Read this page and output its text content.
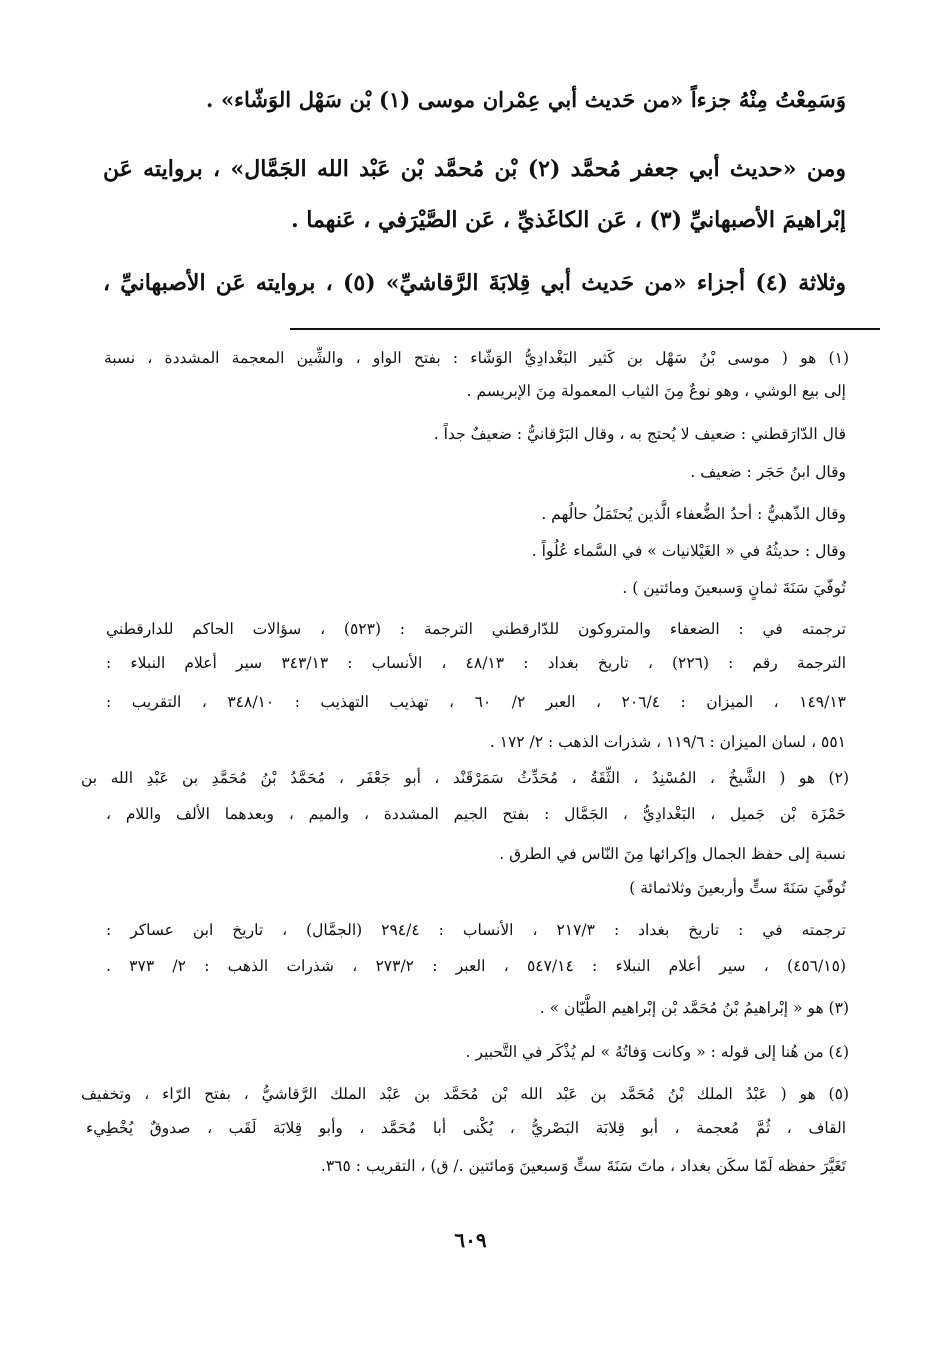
وَسَمِعْتُ مِنْهُ جزءاً «من حَديث أبي عِمْران موسى (١) بْن سَهْل الوَشّاء» .
ومن «حديث أبي جعفر مُحمَّد (٢) بْن مُحمَّد بْن عَبْد الله الجَمَّال» ، بروايته عَن
إبْراهيمَ الأصبهانيِّ (٣) ، عَن الكاغَذيِّ ، عَن الصَّيْرَفي ، عَنهما .
وثلاثة (٤) أجزاء «من حَديث أبي قِلابَةَ الرَّقاشيِّ» (٥) ، بروايته عَن الأصبهانيِّ ،
(١) هو ( موسى بْنُ سَهْل بن كَثير البَغْدادِيُّ الوَشّاء : بفتح الواو ، والشِّين المعجمة المشددة ، نسبة
إلى بيع الوشي ، وهو نوعٌ مِنَ الثياب المعمولة مِنَ الإبريسم .
قال الدّارَقطني : ضعيف لا يُحتج به ، وقال البَرْقانيُّ : ضعيفٌ جداً .
وقال ابنُ حَجَر : ضعيف .
وقال الذّهبيُّ : أحدُ الضُّعفاء الَّذين يُحتَمَلُ حالُهم .
وقال : حديثُهُ في « الغَيْلانيات » في السَّماء عُلُواً .
تُوفّيَ سَنَةَ ثمانٍ وَسبعينَ ومائتين ) .
ترجمته في : الضعفاء والمتروكون للدّارقطني الترجمة : (٥٢٣) ، سؤالات الحاكم للدارقطني
الترجمة رقم : (٢٢٦) ، تاريخ بغداد : ٤٨/١٣ ، الأنساب : ٣٤٣/١٣ سير أعلام النبلاء :
١٤٩/١٣ ، الميزان : ٢٠٦/٤ ، العبر ٢/ ٦٠ ، تهذيب التهذيب : ٣٤٨/١٠ ، التقريب :
٥٥١ ، لسان الميزان : ١١٩/٦ ، شذرات الذهب : ٢/ ١٧٢ .
(٢) هو ( الشَّيخُ ، المُسْنِدُ ، الثِّقَةُ ، مُحَدِّثُ سَمَرْقَنْد ، أبو جَعْفَر ، مُحَمَّدُ بْنُ مُحَمَّدِ بن عَبْدِ الله بن
حَمْزَة بْن جَميل ، البَغْدادِيُّ ، الجَمَّال : بفتح الجيم المشددة ، والميم ، وبعدهما الألف واللام ،
نسبة إلى حفظ الجمال وإكرائها مِنَ النّاس في الطرق .
تُوفّيَ سَنَةَ ستٍّ وأربعينَ وثلاثمائة )
ترجمته في : تاريخ بغداد : ٢١٧/٣ ، الأنساب : ٢٩٤/٤ (الجمَّال) ، تاريخ ابن عساكر :
(٤٥٦/١٥) ، سير أعلام النبلاء : ٥٤٧/١٤ ، العبر : ٢٧٣/٢ ، شذرات الذهب : ٢/ ٣٧٣ .
(٣) هو « إبْراهيمُ بْنُ مُحَمَّد بْن إبْراهيم الطَّيّان » .
(٤) من هُنا إلى قوله : « وكانت وَفاتُهُ » لم يُذْكَر في التَّحبير .
(٥) هو ( عَبْدُ الملك بْنُ مُحَمَّد بن عَبْد الله بْن مُحَمَّد بن عَبْد الملك الرَّقاشيُّ ، بفتح الرّاء ، وتخفيف
القاف ، ثُمَّ مُعجمة ، أبو قِلابَة البَصْريُّ ، يُكْنى أبا مُحَمَّد ، وأبو قِلابَة لَقَب ، صدوقٌ يُخْطِيء
تَغَيَّرَ حفظه لَمّا سكَن بغداد ، ماتَ سَنَةَ ستٍّ وَسبعينَ وَمائتين ./ ق) ، التقريب : ٣٦٥.
٦٠٩
